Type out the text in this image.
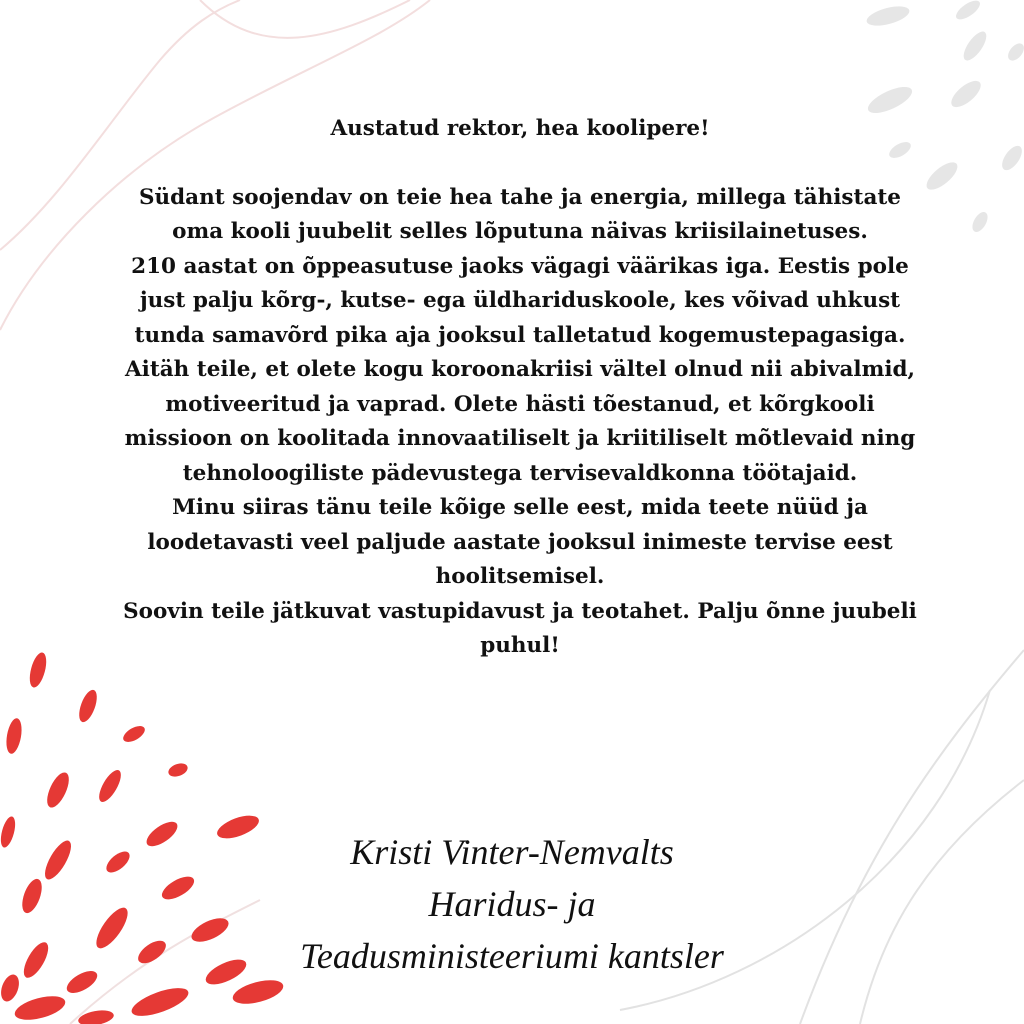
Austatud rektor, hea koolipere!

Südant soojendav on teie hea tahe ja energia, millega tähistate oma kooli juubelit selles lõputuna näivas kriisilainetuses.

210 aastat on õppeasutuse jaoks vägagi väärikas iga. Eestis pole just palju kõrg-, kutse- ega üldhariduskoole, kes võivad uhkust tunda samavõrd pika aja jooksul talletatud kogemustepagasiga.

Aitäh teile, et olete kogu koroonakriisi vältel olnud nii abivalmid, motiveeritud ja vaprad. Olete hästi tõestanud, et kõrgkooli missioon on koolitada innovaatiliselt ja kriitiliselt mõtlevaid ning tehnoloogiliste pädevustega tervisevaldkonna töötajaid.

Minu siiras tänu teile kõige selle eest, mida teete nüüd ja loodetavasti veel paljude aastate jooksul inimeste tervise eest hoolitsemisel.

Soovin teile jätkuvat vastupidavust ja teotahet. Palju õnne juubeli puhul!

Kristi Vinter-Nemvalts
Haridus- ja
Teadusministeeriumi kantsler
